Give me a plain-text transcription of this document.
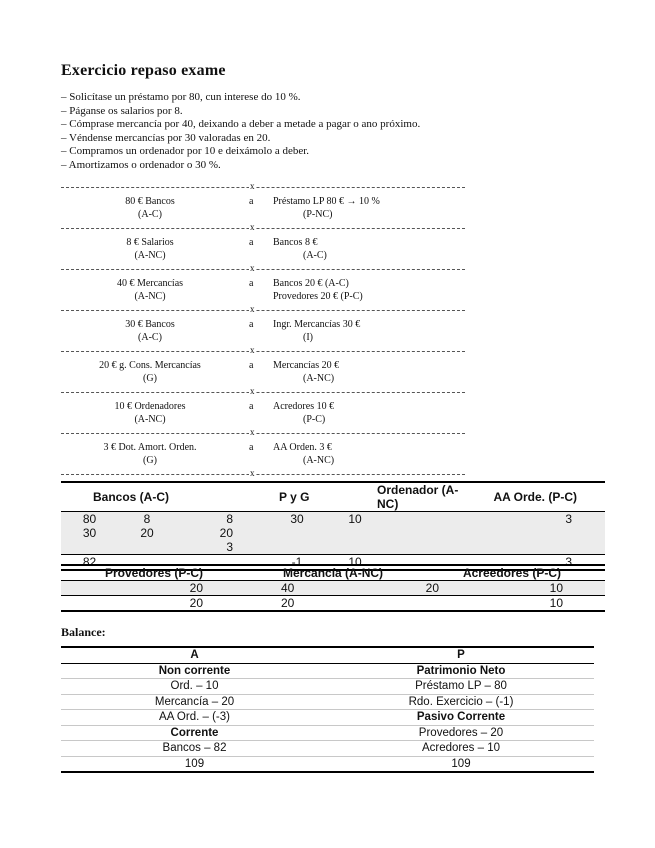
Exercicio repaso exame
– Solicítase un préstamo por 80, cun interese do 10 %.
– Páganse os salarios por 8.
– Cómprase mercancía por 40, deixando a deber a metade a pagar o ano próximo.
– Véndense mercancías por 30 valoradas en 20.
– Compramos un ordenador por 10 e deixámolo a deber.
– Amortizamos o ordenador o 30 %.
x
80 € Bancos
(A-C)
a Préstamo LP 80 € → 10 %
(P-NC)
x
8 € Salarios
(A-NC)
a Bancos 8 €
(A-C)
x
40 € Mercancías
(A-NC)
a Bancos 20 € (A-C)
Provedores 20 € (P-C)
x
30 € Bancos
(A-C)
a Ingr. Mercancías 30 €
(I)
x
20 € g. Cons. Mercancías
(G)
a Mercancías 20 €
(A-NC)
x
10 € Ordenadores
(A-NC)
a Acredores 10 €
(P-C)
x
3 € Dot. Amort. Orden.
(G)
a AA Orden. 3 €
(A-NC)
x
Bancos (A-C)			P y G		Ordenador (A-NC)	AA Orde. (P-C)
80	8	8	30	10		3
30	20	20				
		3				
82			-1	10		3
Provedores (P-C)	Mercancía (A-NC)		Acreedores (P-C)
20	40	20	10
20	20		10
Balance:
A	P
Non corrente	Patrimonio Neto
Ord. – 10	Préstamo LP – 80
Mercancía – 20	Rdo. Exercicio – (-1)
AA Ord. – (-3)	Pasivo Corrente
Corrente	Provedores – 20
Bancos – 82	Acredores – 10
109	109
